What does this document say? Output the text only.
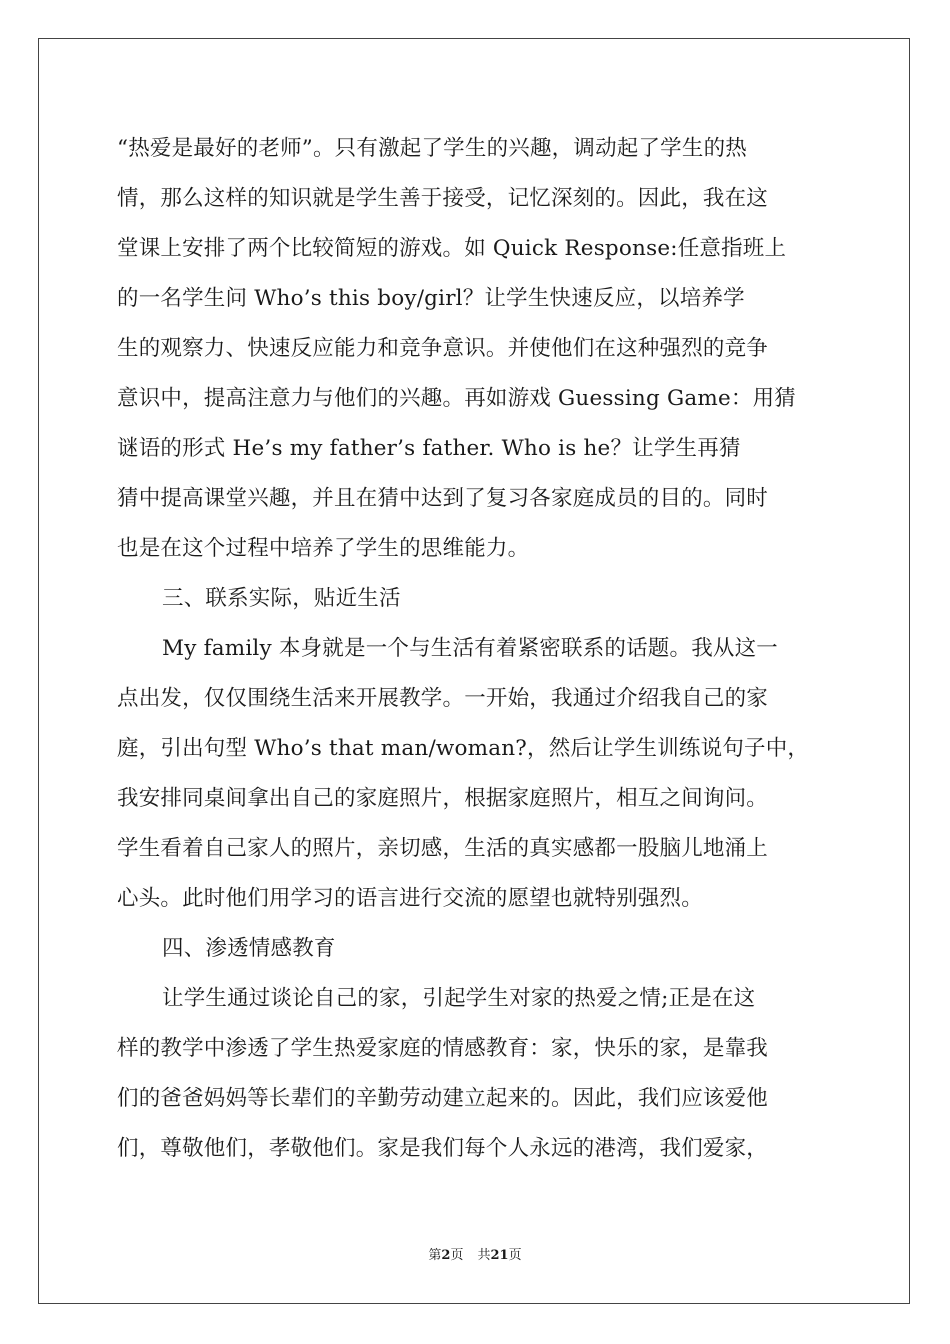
“热爱是最好的老师”。只有激起了学生的兴趣，调动起了学生的热
情，那么这样的知识就是学生善于接受，记忆深刻的。因此，我在这
堂课上安排了两个比较简短的游戏。如 Quick Response:任意指班上
的一名学生问 Who’s this boy/girl？让学生快速反应，以培养学
生的观察力、快速反应能力和竞争意识。并使他们在这种强烈的竞争
意识中，提高注意力与他们的兴趣。再如游戏 Guessing Game：用猜
谜语的形式 He’s my father’s father. Who is he？让学生再猜
猜中提高课堂兴趣，并且在猜中达到了复习各家庭成员的目的。同时
也是在这个过程中培养了学生的思维能力。
三、联系实际，贴近生活
My family 本身就是一个与生活有着紧密联系的话题。我从这一
点出发，仅仅围绕生活来开展教学。一开始，我通过介绍我自己的家
庭，引出句型 Who’s that man/woman?，然后让学生训练说句子中，
我安排同桌间拿出自己的家庭照片，根据家庭照片，相互之间询问。
学生看着自己家人的照片，亲切感，生活的真实感都一股脑儿地涌上
心头。此时他们用学习的语言进行交流的愿望也就特别强烈。
四、渗透情感教育
让学生通过谈论自己的家，引起学生对家的热爱之情;正是在这
样的教学中渗透了学生热爱家庭的情感教育：家，快乐的家，是靠我
们的爸爸妈妈等长辈们的辛勤劳动建立起来的。因此，我们应该爱他
们，尊敬他们，孝敬他们。家是我们每个人永远的港湾，我们爱家，
第2页 共21页
